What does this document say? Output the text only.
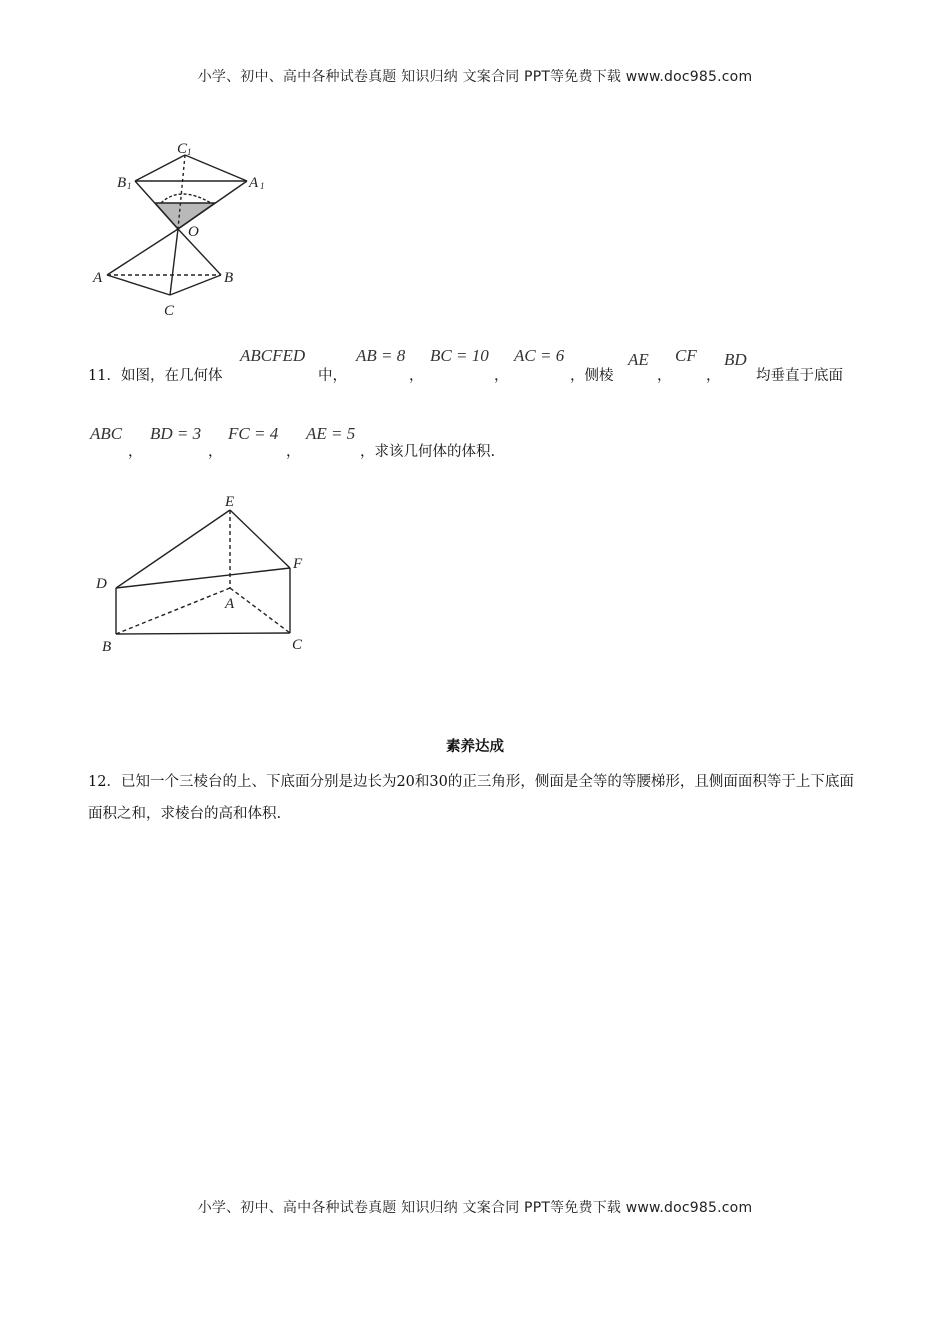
小学、初中、高中各种试卷真题 知识归纳 文案合同 PPT等免费下载 www.doc985.com
C 1
B 1	A 1
O
A	B
C
11．如图，在几何体
ABCFED
中，
AB = 8
，
BC = 10
，
AC = 6
，侧棱
AE
，
CF
，
BD
均垂直于底面
ABC
，
BD = 3
，
FC = 4
，
AE = 5
，求该几何体的体积.
E
F
D
A
B	C
素养达成
12．已知一个三棱台的上、下底面分别是边长为20和30的正三角形，侧面是全等的等腰梯形，且侧面面积等于上下底面面积之和，求棱台的高和体积.
小学、初中、高中各种试卷真题 知识归纳 文案合同 PPT等免费下载 www.doc985.com
